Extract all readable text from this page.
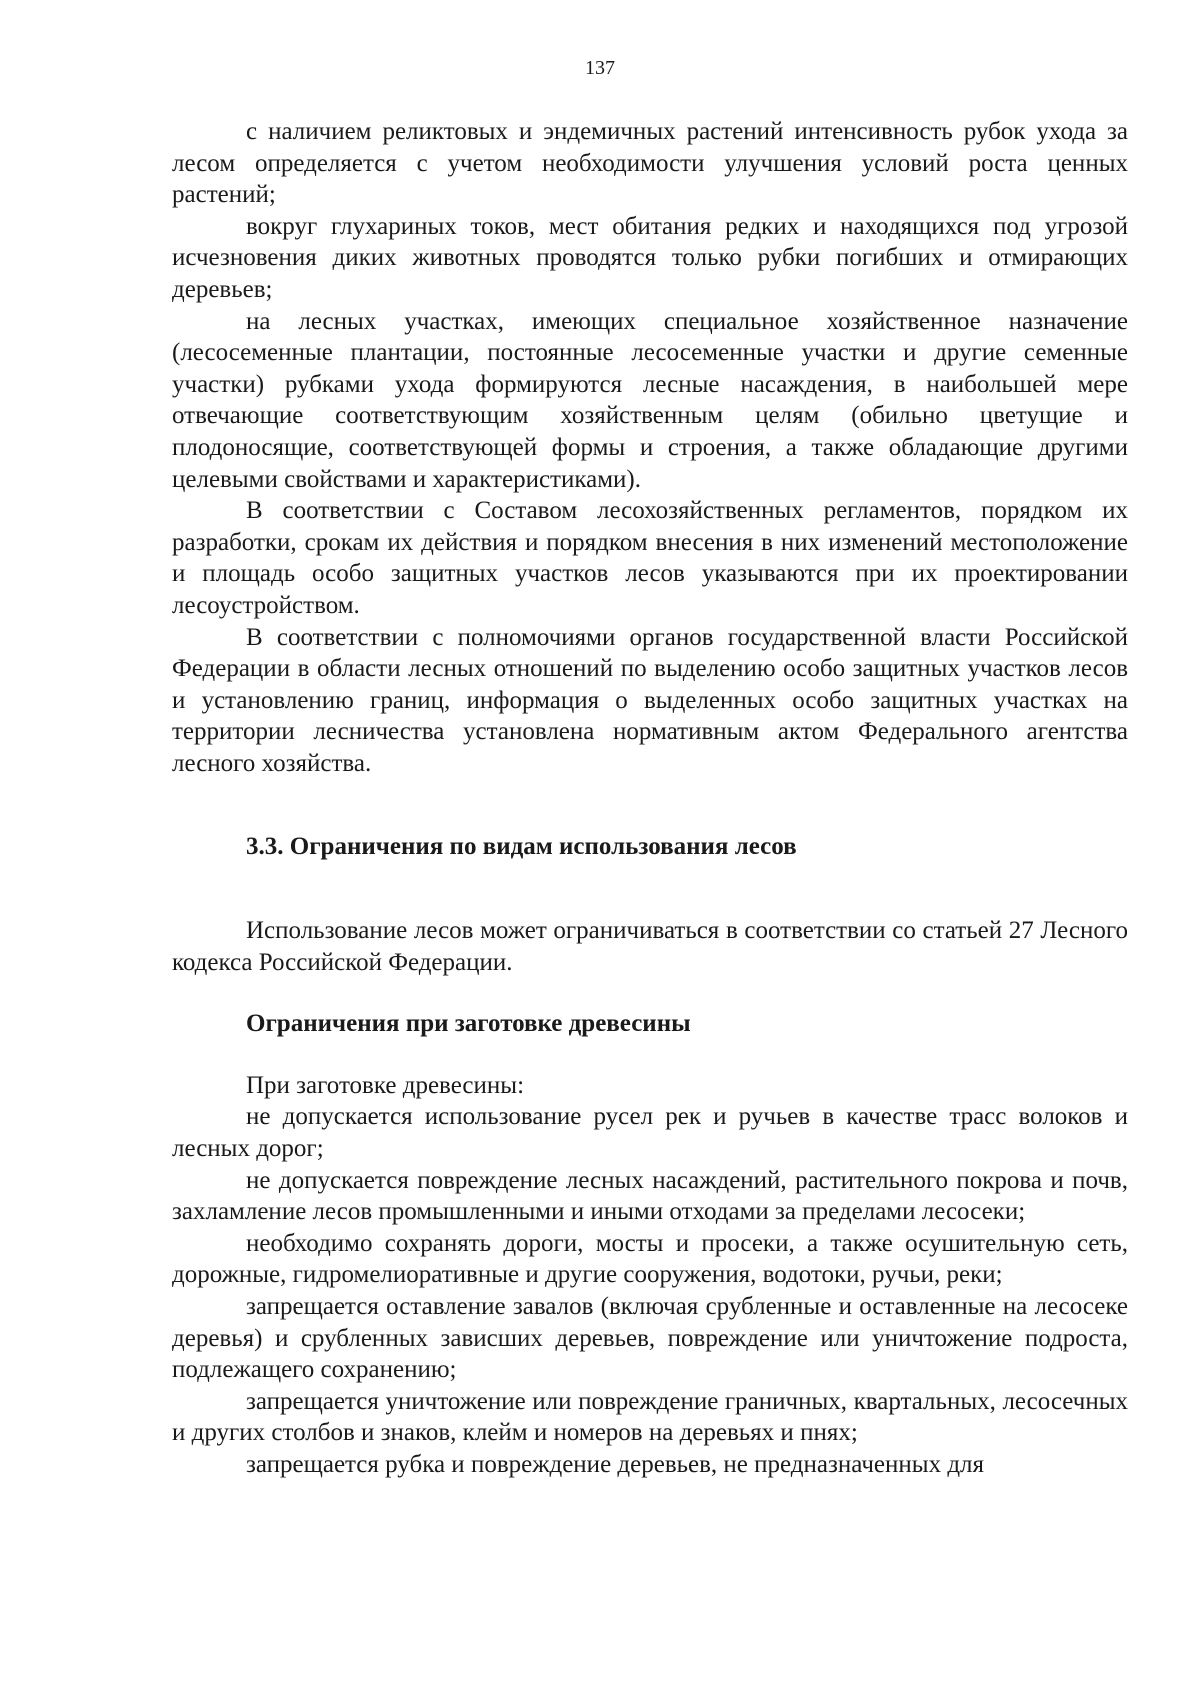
137

с наличием реликтовых и эндемичных растений интенсивность рубок ухода за лесом определяется с учетом необходимости улучшения условий роста ценных растений;

вокруг глухариных токов, мест обитания редких и находящихся под угрозой исчезновения диких животных проводятся только рубки погибших и отмирающих деревьев;

на лесных участках, имеющих специальное хозяйственное назначение (лесосеменные плантации, постоянные лесосеменные участки и другие семенные участки) рубками ухода формируются лесные насаждения, в наибольшей мере отвечающие соответствующим хозяйственным целям (обильно цветущие и плодоносящие, соответствующей формы и строения, а также обладающие другими целевыми свойствами и характеристиками).

В соответствии с Составом лесохозяйственных регламентов, порядком их разработки, срокам их действия и порядком внесения в них изменений местоположение и площадь особо защитных участков лесов указываются при их проектировании лесоустройством.

В соответствии с полномочиями органов государственной власти Российской Федерации в области лесных отношений по выделению особо защитных участков лесов и установлению границ, информация о выделенных особо защитных участках на территории лесничества установлена нормативным актом Федерального агентства лесного хозяйства.

3.3. Ограничения по видам использования лесов

Использование лесов может ограничиваться в соответствии со статьей 27 Лесного кодекса Российской Федерации.

Ограничения при заготовке древесины

При заготовке древесины:

не допускается использование русел рек и ручьев в качестве трасс волоков и лесных дорог;

не допускается повреждение лесных насаждений, растительного покрова и почв, захламление лесов промышленными и иными отходами за пределами лесосеки;

необходимо сохранять дороги, мосты и просеки, а также осушительную сеть, дорожные, гидромелиоративные и другие сооружения, водотоки, ручьи, реки;

запрещается оставление завалов (включая срубленные и оставленные на лесосеке деревья) и срубленных зависших деревьев, повреждение или уничтожение подроста, подлежащего сохранению;

запрещается уничтожение или повреждение граничных, квартальных, лесосечных и других столбов и знаков, клейм и номеров на деревьях и пнях;

запрещается рубка и повреждение деревьев, не предназначенных для
